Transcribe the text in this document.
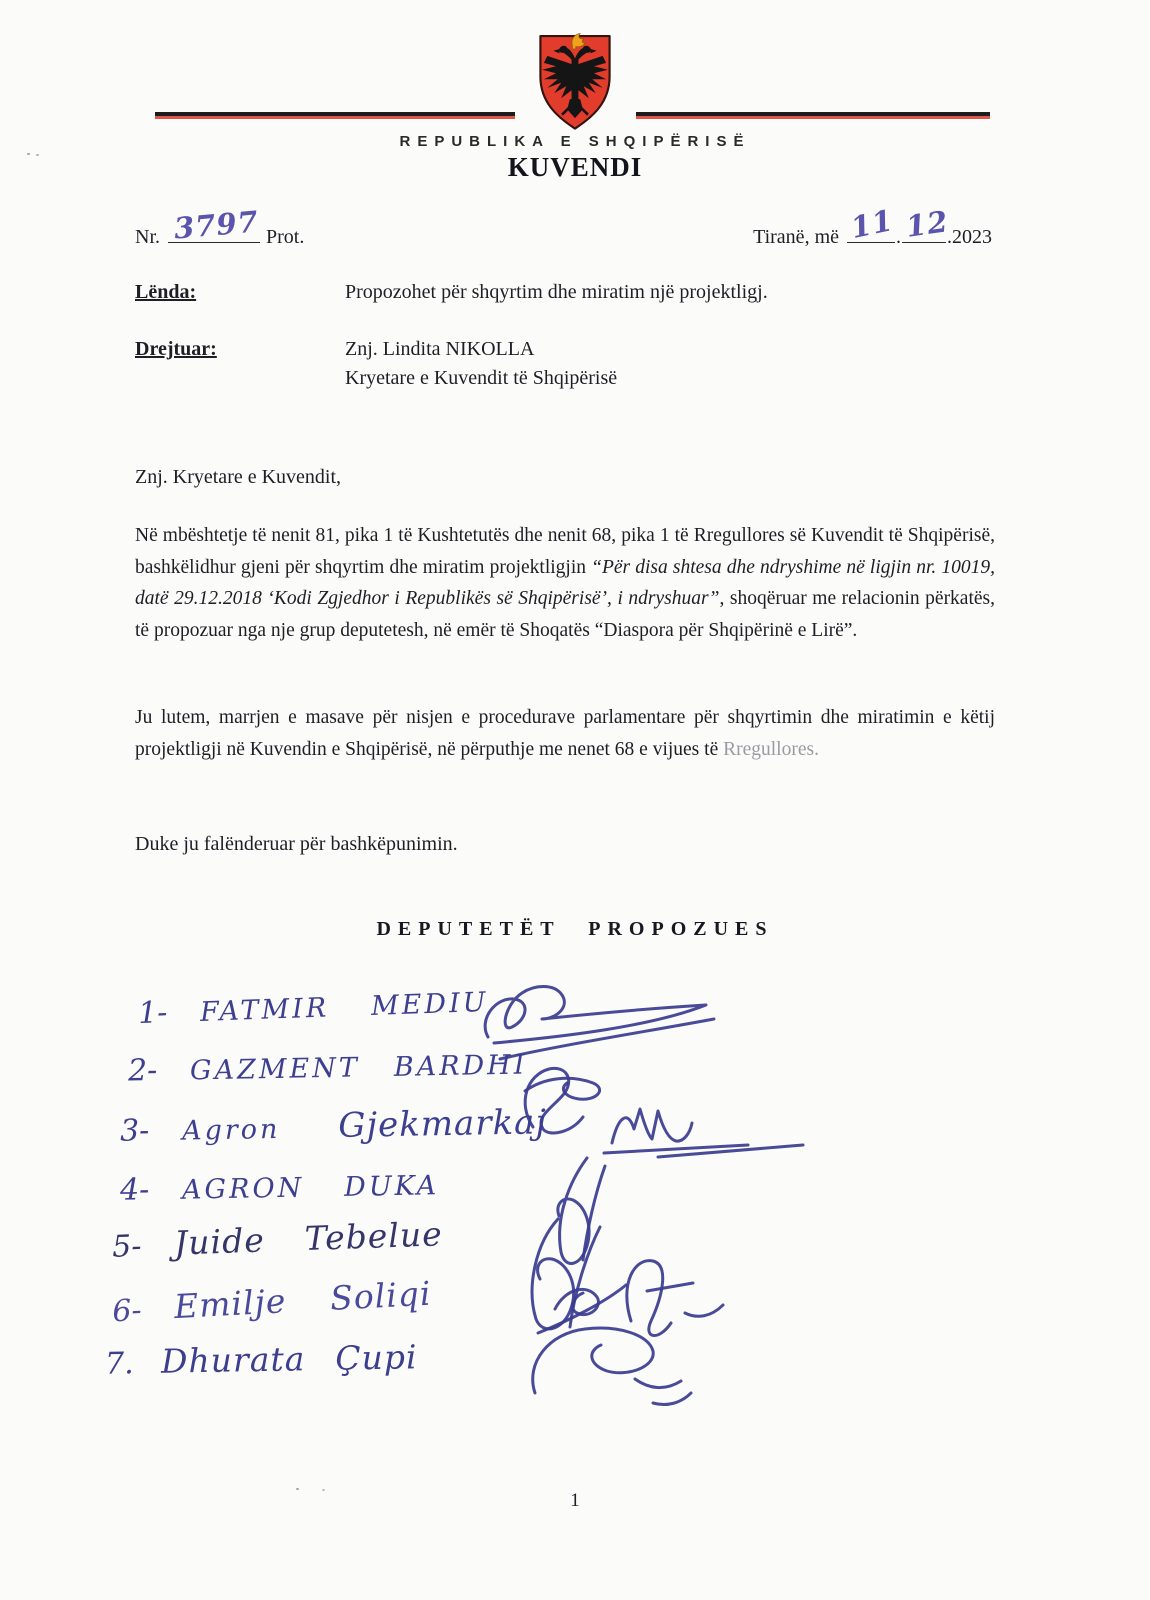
REPUBLIKA E SHQIPËRISË
KUVENDI
Nr. 3797 Prot.	Tiranë, më 11 . 12
.2023
Lënda:	Propozohet për shqyrtim dhe miratim një projektligj.
Drejtuar:	Znj. Lindita NIKOLLA
Kryetare e Kuvendit të Shqipërisë
Znj. Kryetare e Kuvendit,
Në mbështetje të nenit 81, pika 1 të Kushtetutës dhe nenit 68, pika 1 të Rregullores së Kuvendit të Shqipërisë, bashkëlidhur gjeni për shqyrtim dhe miratim projektligjin “Për disa shtesa dhe ndryshime në ligjin nr. 10019, datë 29.12.2018 ‘Kodi Zgjedhor i Republikës së Shqipërisë’, i ndryshuar”, shoqëruar me relacionin përkatës, të propozuar nga nje grup deputetesh, në emër të Shoqatës “Diaspora për Shqipërinë e Lirë”.
Ju lutem, marrjen e masave për nisjen e procedurave parlamentare për shqyrtimin dhe miratimin e këtij projektligji në Kuvendin e Shqipërisë, në përputhje me nenet 68 e vijues të Rregullores.
Duke ju falënderuar për bashkëpunimin.
DEPUTETËT PROPOZUES
1-	FATMIR MEDIU
2-	GAZMENT BARDHI
3-	Agron Gjekmarkaj
4-	AGRON DUKA
5- Juide Tebelue
6- Emilje Soliqi
7. Dhurata Çupi
1
